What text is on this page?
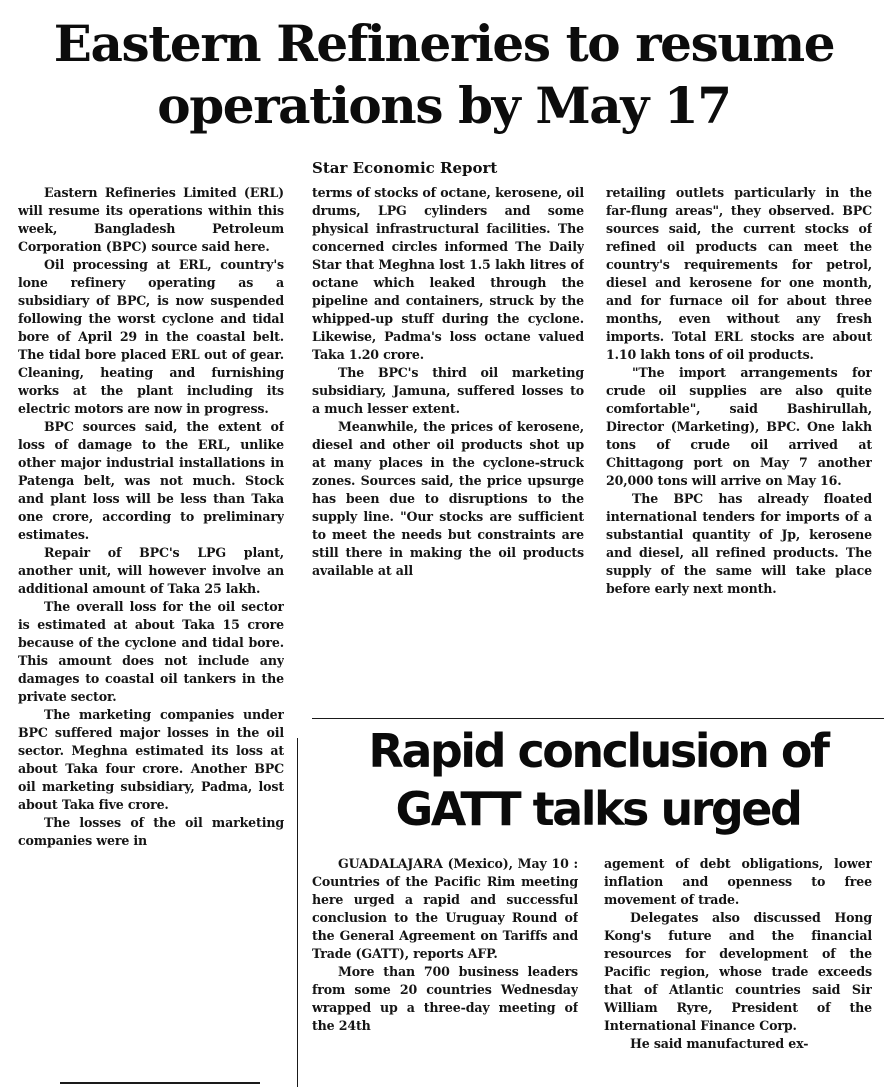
Eastern Refineries to resume
operations by May 17
Star Economic Report

Eastern Refineries Limited (ERL) will resume its operations within this week, Bangladesh Petroleum Corporation (BPC) source said here.

Oil processing at ERL, country's lone refinery operating as a subsidiary of BPC, is now suspended following the worst cyclone and tidal bore of April 29 in the coastal belt. The tidal bore placed ERL out of gear. Cleaning, heating and furnishing works at the plant including its electric motors are now in progress.

BPC sources said, the extent of loss of damage to the ERL, unlike other major industrial installations in Patenga belt, was not much. Stock and plant loss will be less than Taka one crore, according to preliminary estimates.

Repair of BPC's LPG plant, another unit, will however involve an additional amount of Taka 25 lakh.

The overall loss for the oil sector is estimated at about Taka 15 crore because of the cyclone and tidal bore. This amount does not include any damages to coastal oil tankers in the private sector.

The marketing companies under BPC suffered major losses in the oil sector. Meghna estimated its loss at about Taka four crore. Another BPC oil marketing subsidiary, Padma, lost about Taka five crore.

The losses of the oil marketing companies were in

terms of stocks of octane, kerosene, oil drums, LPG cylinders and some physical infrastructural facilities. The concerned circles informed The Daily Star that Meghna lost 1.5 lakh litres of octane which leaked through the pipeline and containers, struck by the whipped-up stuff during the cyclone. Likewise, Padma's loss octane valued Taka 1.20 crore.

The BPC's third oil marketing subsidiary, Jamuna, suffered losses to a much lesser extent.

Meanwhile, the prices of kerosene, diesel and other oil products shot up at many places in the cyclone-struck zones. Sources said, the price upsurge has been due to disruptions to the supply line. "Our stocks are sufficient to meet the needs but constraints are still there in making the oil products available at all

retailing outlets particularly in the far-flung areas", they observed. BPC sources said, the current stocks of refined oil products can meet the country's requirements for petrol, diesel and kerosene for one month, and for furnace oil for about three months, even without any fresh imports. Total ERL stocks are about 1.10 lakh tons of oil products.

"The import arrangements for crude oil supplies are also quite comfortable", said Bashirullah, Director (Marketing), BPC. One lakh tons of crude oil arrived at Chittagong port on May 7 another 20,000 tons will arrive on May 16.

The BPC has already floated international tenders for imports of a substantial quantity of Jp, kerosene and diesel, all refined products. The supply of the same will take place before early next month.

Rapid conclusion of
GATT talks urged

GUADALAJARA (Mexico), May 10 : Countries of the Pacific Rim meeting here urged a rapid and successful conclusion to the Uruguay Round of the General Agreement on Tariffs and Trade (GATT), reports AFP.

More than 700 business leaders from some 20 countries Wednesday wrapped up a three-day meeting of the 24th

agement of debt obligations, lower inflation and openness to free movement of trade.

Delegates also discussed Hong Kong's future and the financial resources for development of the Pacific region, whose trade exceeds that of Atlantic countries said Sir William Ryre, President of the International Finance Corp.

He said manufactured ex-
